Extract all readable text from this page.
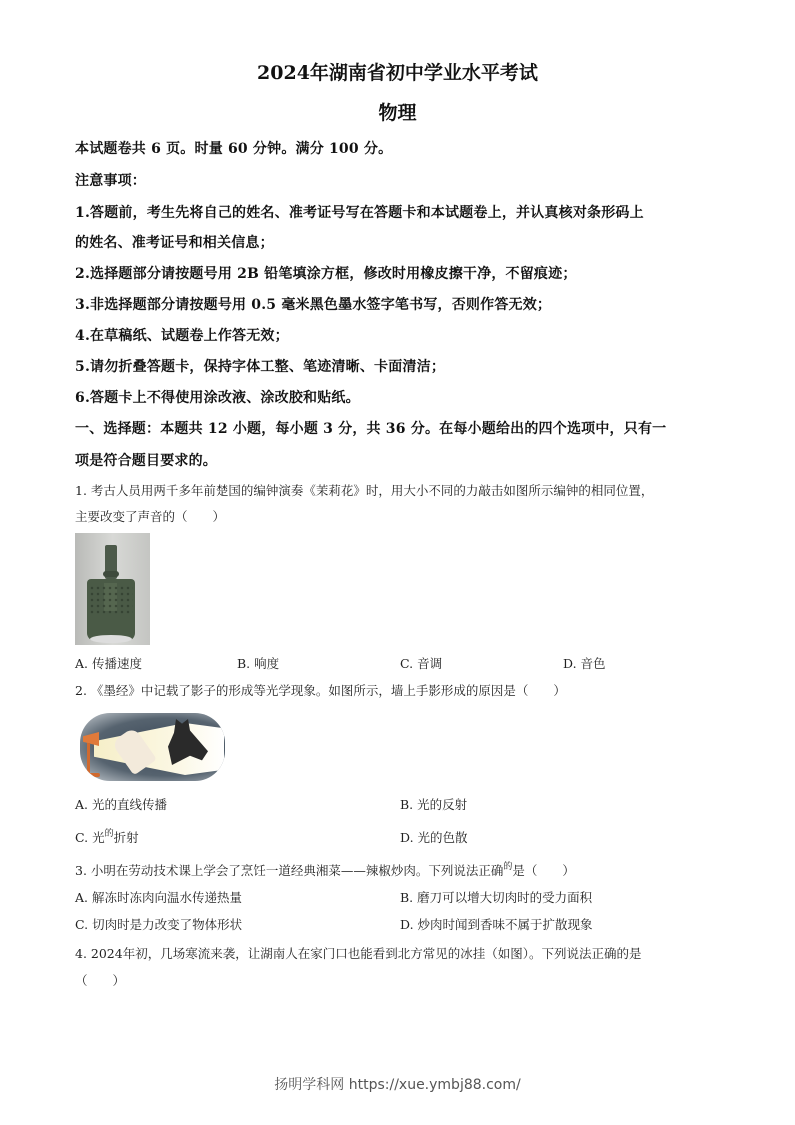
2024年湖南省初中学业水平考试
物理
本试题卷共 6 页。时量 60 分钟。满分 100 分。
注意事项：
1.答题前，考生先将自己的姓名、准考证号写在答题卡和本试题卷上，并认真核对条形码上
的姓名、准考证号和相关信息；
2.选择题部分请按题号用 2B 铅笔填涂方框，修改时用橡皮擦干净，不留痕迹；
3.非选择题部分请按题号用 0.5 毫米黑色墨水签字笔书写，否则作答无效；
4.在草稿纸、试题卷上作答无效；
5.请勿折叠答题卡，保持字体工整、笔迹清晰、卡面清洁；
6.答题卡上不得使用涂改液、涂改胶和贴纸。
一、选择题：本题共 12 小题，每小题 3 分，共 36 分。在每小题给出的四个选项中，只有一
项是符合题目要求的。
1. 考古人员用两千多年前楚国的编钟演奏《茉莉花》时，用大小不同的力敲击如图所示编钟的相同位置，
主要改变了声音的（　　）
A. 传播速度	B. 响度	C. 音调	D. 音色
2. 《墨经》中记载了影子的形成等光学现象。如图所示，墙上手影形成的原因是（　　）
A. 光的直线传播	B. 光的反射
C. 光$^的$折射	D. 光的色散
3. 小明在劳动技术课上学会了烹饪一道经典湘菜——辣椒炒肉。下列说法正确$^的$是（　　）
A. 解冻时冻肉向温水传递热量	B. 磨刀可以增大切肉时的受力面积
C. 切肉时是力改变了物体形状	D. 炒肉时闻到香味不属于扩散现象
4. 2024年初，几场寒流来袭，让湖南人在家门口也能看到北方常见的冰挂（如图）。下列说法正确的是
（　　）
扬明学科网 https://xue.ymbj88.com/
